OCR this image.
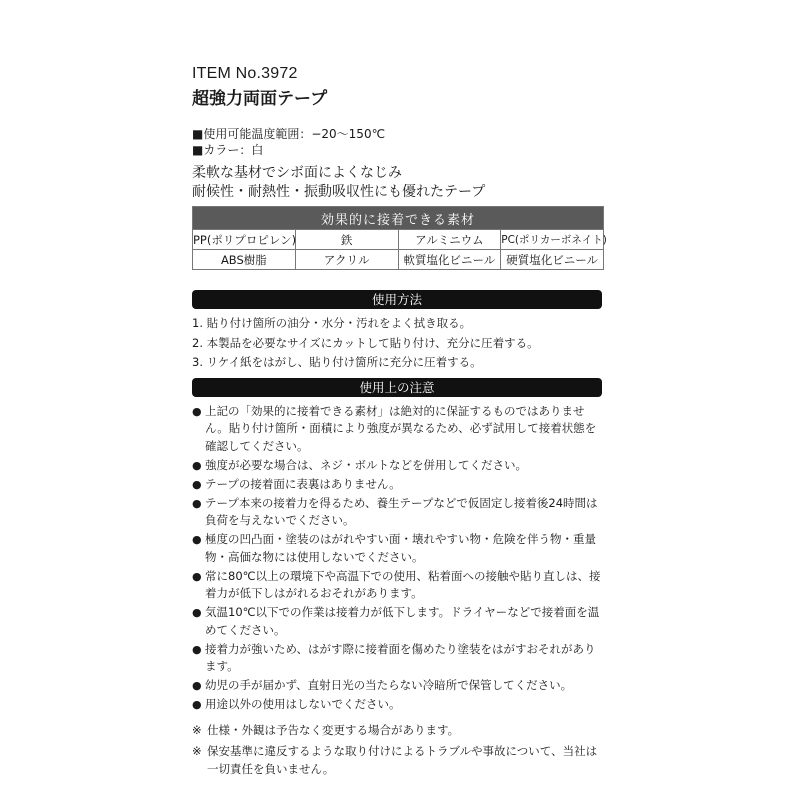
ITEM No.3972
超強力両面テープ
■ 使用可能温度範囲：−20～150℃
■ カラー：白
柔軟な基材でシボ面によくなじみ
耐候性・耐熱性・振動吸収性にも優れたテープ
効果的に接着できる素材			
PP(ポリプロピレン)	鉄	アルミニウム	PC(ポリカーボネイト)
ABS樹脂	アクリル	軟質塩化ビニール	硬質塩化ビニール
使用方法
1. 貼り付け箇所の油分・水分・汚れをよく拭き取る。
2. 本製品を必要なサイズにカットして貼り付け、充分に圧着する。
3. リケイ紙をはがし、貼り付け箇所に充分に圧着する。
使用上の注意
● 上記の「効果的に接着できる素材」は絶対的に保証するものではありません。貼り付け箇所・面積により強度が異なるため、必ず試用して接着状態を確認してください。
● 強度が必要な場合は、ネジ・ボルトなどを併用してください。
● テープの接着面に表裏はありません。
● テープ本来の接着力を得るため、養生テープなどで仮固定し接着後24時間は負荷を与えないでください。
● 極度の凹凸面・塗装のはがれやすい面・壊れやすい物・危険を伴う物・重量物・高価な物には使用しないでください。
● 常に80℃以上の環境下や高温下での使用、粘着面への接触や貼り直しは、接着力が低下しはがれるおそれがあります。
● 気温10℃以下での作業は接着力が低下します。ドライヤーなどで接着面を温めてください。
● 接着力が強いため、はがす際に接着面を傷めたり塗装をはがすおそれがあります。
● 幼児の手が届かず、直射日光の当たらない冷暗所で保管してください。
● 用途以外の使用はしないでください。
※ 仕様・外観は予告なく変更する場合があります。
※ 保安基準に違反するような取り付けによるトラブルや事故について、当社は一切責任を負いません。
